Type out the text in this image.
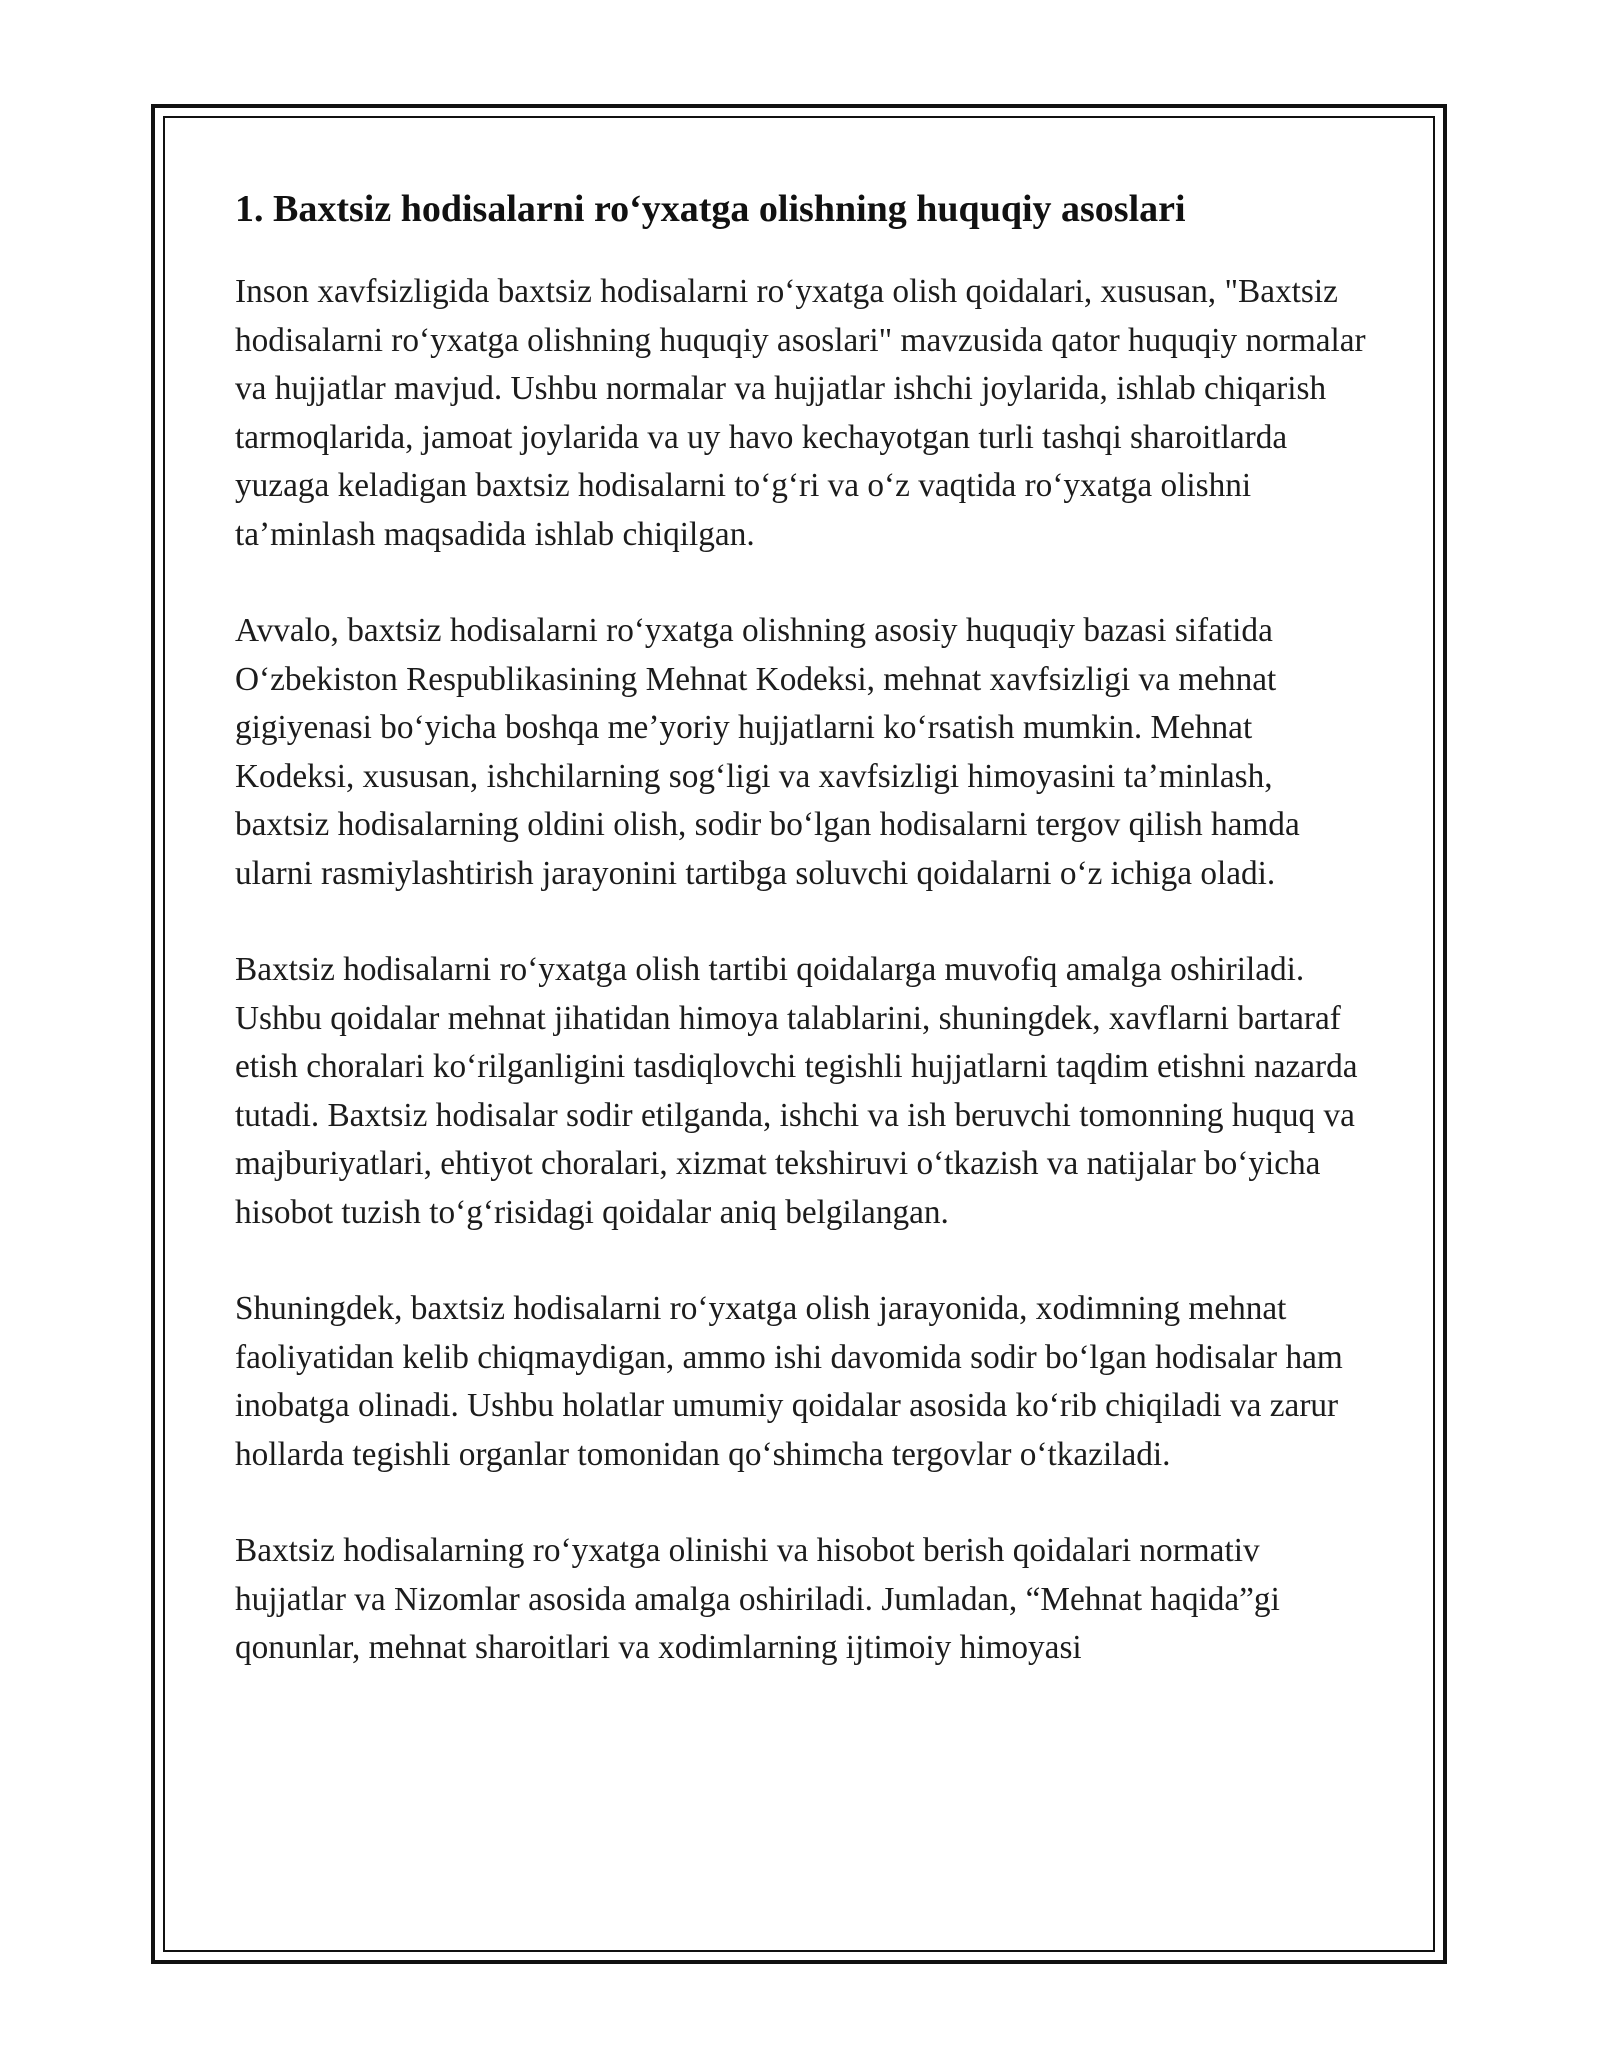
1. Baxtsiz hodisalarni roʻyxatga olishning huquqiy asoslari

Inson xavfsizligida baxtsiz hodisalarni roʻyxatga olish qoidalari, xususan, "Baxtsiz hodisalarni roʻyxatga olishning huquqiy asoslari" mavzusida qator huquqiy normalar va hujjatlar mavjud. Ushbu normalar va hujjatlar ishchi joylarida, ishlab chiqarish tarmoqlarida, jamoat joylarida va uy havo kechayotgan turli tashqi sharoitlarda yuzaga keladigan baxtsiz hodisalarni toʻgʻri va oʻz vaqtida roʻyxatga olishni taʼminlash maqsadida ishlab chiqilgan.

Avvalo, baxtsiz hodisalarni roʻyxatga olishning asosiy huquqiy bazasi sifatida Oʻzbekiston Respublikasining Mehnat Kodeksi, mehnat xavfsizligi va mehnat gigiyenasi boʻyicha boshqa meʼyoriy hujjatlarni koʻrsatish mumkin. Mehnat Kodeksi, xususan, ishchilarning sogʻligi va xavfsizligi himoyasini taʼminlash, baxtsiz hodisalarning oldini olish, sodir boʻlgan hodisalarni tergov qilish hamda ularni rasmiylashtirish jarayonini tartibga soluvchi qoidalarni oʻz ichiga oladi.

Baxtsiz hodisalarni roʻyxatga olish tartibi qoidalarga muvofiq amalga oshiriladi. Ushbu qoidalar mehnat jihatidan himoya talablarini, shuningdek, xavflarni bartaraf etish choralari koʻrilganligini tasdiqlovchi tegishli hujjatlarni taqdim etishni nazarda tutadi. Baxtsiz hodisalar sodir etilganda, ishchi va ish beruvchi tomonning huquq va majburiyatlari, ehtiyot choralari, xizmat tekshiruvi oʻtkazish va natijalar boʻyicha hisobot tuzish toʻgʻrisidagi qoidalar aniq belgilangan.

Shuningdek, baxtsiz hodisalarni roʻyxatga olish jarayonida, xodimning mehnat faoliyatidan kelib chiqmaydigan, ammo ishi davomida sodir boʻlgan hodisalar ham inobatga olinadi. Ushbu holatlar umumiy qoidalar asosida koʻrib chiqiladi va zarur hollarda tegishli organlar tomonidan qoʻshimcha tergovlar oʻtkaziladi.

Baxtsiz hodisalarning roʻyxatga olinishi va hisobot berish qoidalari normativ hujjatlar va Nizomlar asosida amalga oshiriladi. Jumladan, “Mehnat haqida”gi qonunlar, mehnat sharoitlari va xodimlarning ijtimoiy himoyasi
